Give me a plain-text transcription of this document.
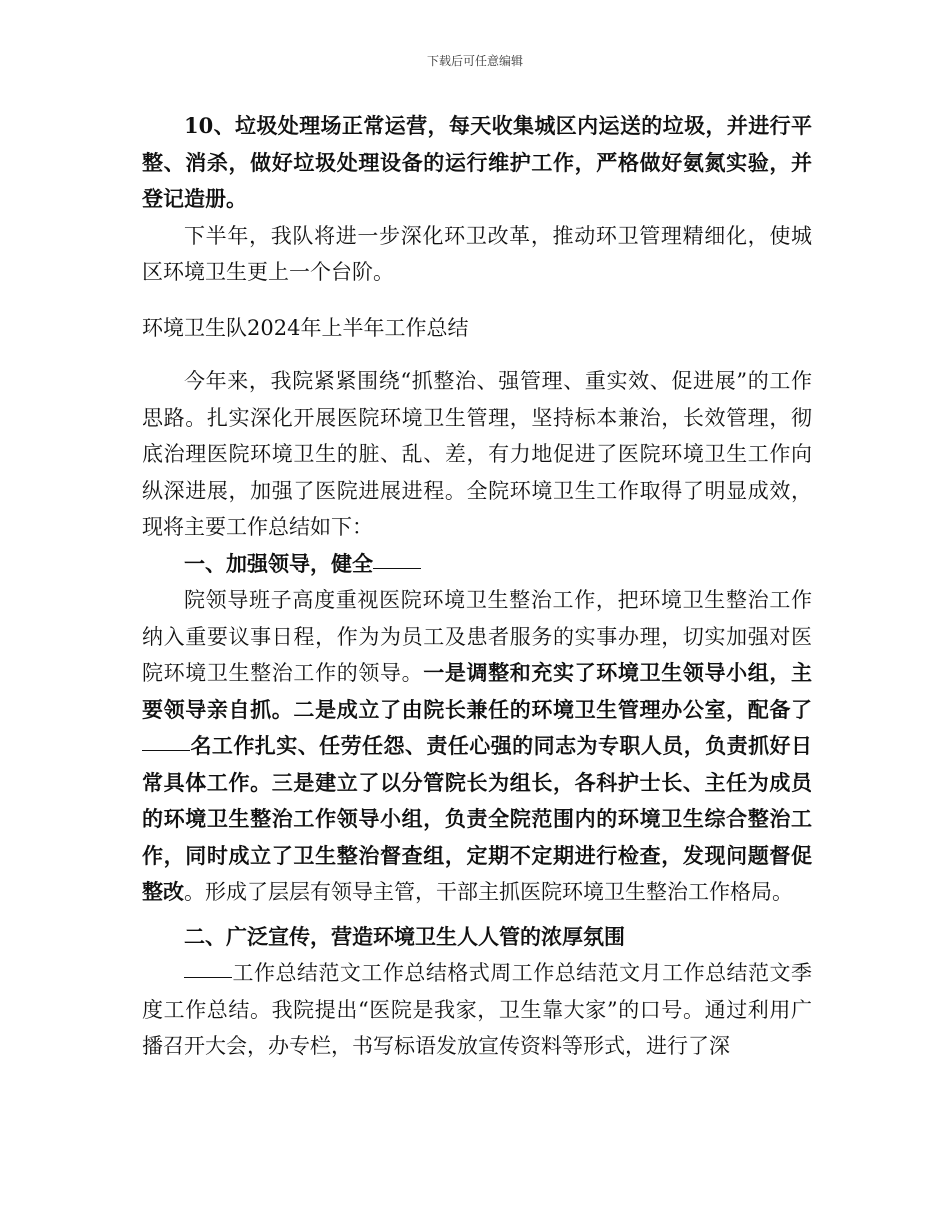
下载后可任意编辑

10、垃圾处理场正常运营，每天收集城区内运送的垃圾，并进行平整、消杀，做好垃圾处理设备的运行维护工作，严格做好氨氮实验，并登记造册。

下半年，我队将进一步深化环卫改革，推动环卫管理精细化，使城区环境卫生更上一个台阶。

环境卫生队2024年上半年工作总结

今年来，我院紧紧围绕“抓整治、强管理、重实效、促进展”的工作思路。扎实深化开展医院环境卫生管理，坚持标本兼治，长效管理，彻底治理医院环境卫生的脏、乱、差，有力地促进了医院环境卫生工作向纵深进展，加强了医院进展进程。全院环境卫生工作取得了明显成效，现将主要工作总结如下：

一、加强领导，健全

院领导班子高度重视医院环境卫生整治工作，把环境卫生整治工作纳入重要议事日程，作为为员工及患者服务的实事办理，切实加强对医院环境卫生整治工作的领导。一是调整和充实了环境卫生领导小组，主要领导亲自抓。二是成立了由院长兼任的环境卫生管理办公室，配备了名工作扎实、任劳任怨、责任心强的同志为专职人员，负责抓好日常具体工作。三是建立了以分管院长为组长，各科护士长、主任为成员的环境卫生整治工作领导小组，负责全院范围内的环境卫生综合整治工作，同时成立了卫生整治督查组，定期不定期进行检查，发现问题督促整改。形成了层层有领导主管，干部主抓医院环境卫生整治工作格局。

二、广泛宣传，营造环境卫生人人管的浓厚氛围

工作总结范文工作总结格式周工作总结范文月工作总结范文季度工作总结。我院提出“医院是我家，卫生靠大家”的口号。通过利用广播召开大会，办专栏，书写标语发放宣传资料等形式，进行了深
